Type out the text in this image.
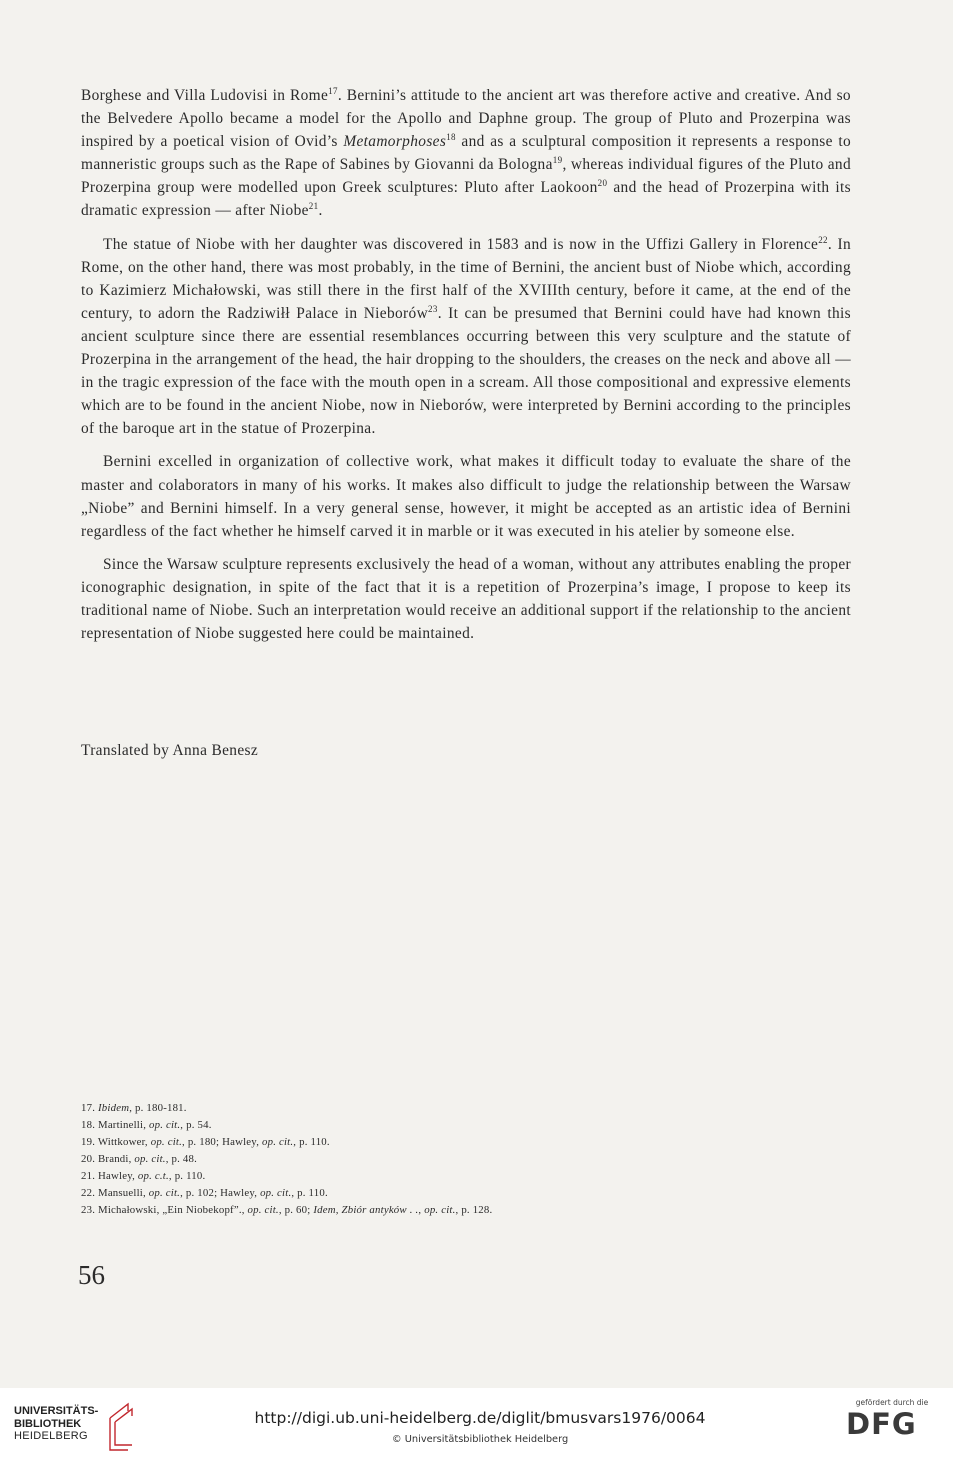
Borghese and Villa Ludovisi in Rome$^{17}$. Bernini’s attitude to the ancient art was therefore active and creative. And so the Belvedere Apollo became a model for the Apollo and Daphne group. The group of Pluto and Prozerpina was inspired by a poetical vision of Ovid’s Metamorphoses$^{18}$ and as a sculptural composition it represents a response to manneristic groups such as the Rape of Sabines by Giovanni da Bologna$^{19}$, whereas individual figures of the Pluto and Prozerpina group were modelled upon Greek sculptures: Pluto after Laokoon$^{20}$ and the head of Prozerpina with its dramatic expression — after Niobe$^{21}$.

The statue of Niobe with her daughter was discovered in 1583 and is now in the Uffizi Gallery in Florence$^{22}$. In Rome, on the other hand, there was most probably, in the time of Bernini, the ancient bust of Niobe which, according to Kazimierz Michałowski, was still there in the first half of the XVIIIth century, before it came, at the end of the century, to adorn the Radziwiłł Palace in Nieborów$^{23}$. It can be presumed that Bernini could have had known this ancient sculpture since there are essential resemblances occurring between this very sculpture and the statute of Prozerpina in the arrangement of the head, the hair dropping to the shoulders, the creases on the neck and above all — in the tragic expression of the face with the mouth open in a scream. All those compositional and expressive elements which are to be found in the ancient Niobe, now in Nieborów, were interpreted by Bernini according to the principles of the baroque art in the statue of Prozerpina.

Bernini excelled in organization of collective work, what makes it difficult today to evaluate the share of the master and colaborators in many of his works. It makes also difficult to judge the relationship between the Warsaw „Niobe” and Bernini himself. In a very general sense, however, it might be accepted as an artistic idea of Bernini regardless of the fact whether he himself carved it in marble or it was executed in his atelier by someone else.

Since the Warsaw sculpture represents exclusively the head of a woman, without any attributes enabling the proper iconographic designation, in spite of the fact that it is a repetition of Prozerpina’s image, I propose to keep its traditional name of Niobe. Such an interpretation would receive an additional support if the relationship to the ancient representation of Niobe suggested here could be maintained.

Translated by Anna Benesz
17. Ibidem, p. 180-181.
18. Martinelli, op. cit., p. 54.
19. Wittkower, op. cit., p. 180; Hawley, op. cit., p. 110.
20. Brandi, op. cit., p. 48.
21. Hawley, op. c.t., p. 110.
22. Mansuelli, op. cit., p. 102; Hawley, op. cit., p. 110.
23. Michałowski, „Ein Niobekopf”., op. cit., p. 60; Idem, Zbiór antyków . ., op. cit., p. 128.
56
UNIVERSITÄTS-
BIBLIOTHEK
HEIDELBERG
http://digi.ub.uni-heidelberg.de/diglit/bmusvars1976/0064
© Universitätsbibliothek Heidelberg
gefördert durch die
DFG
